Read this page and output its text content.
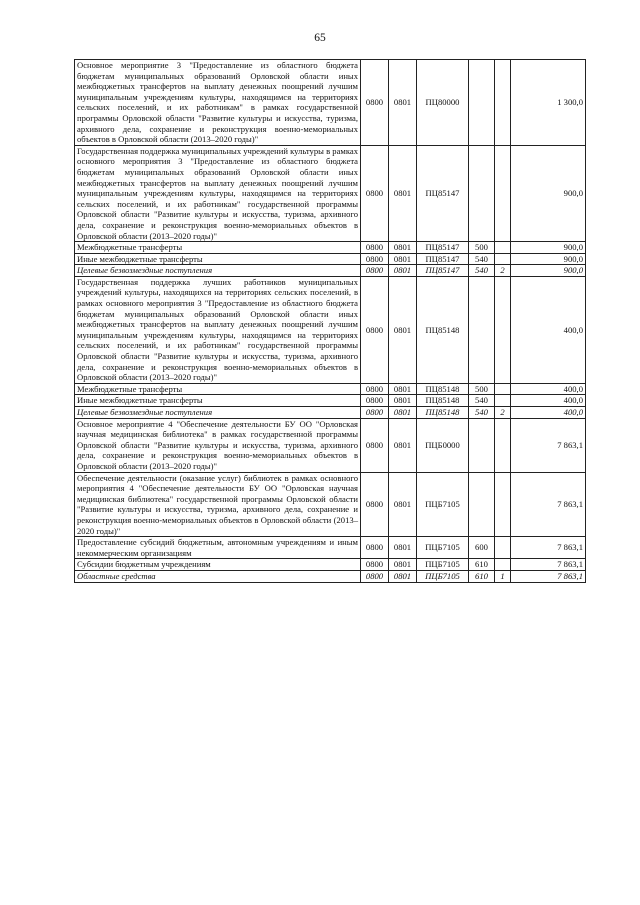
65
Основное мероприятие 3 "Предоставление из областного бюджета бюджетам муниципальных образований Орловской области иных межбюджетных трансфертов на выплату денежных поощрений лучшим муниципальным учреждениям культуры, находящимся на территориях сельских поселений, и их работникам" в рамках государственной программы Орловской области "Развитие культуры и искусства, туризма, архивного дела, сохранение и реконструкция военно-мемориальных объектов в Орловской области (2013–2020 годы)"	0800	0801	ПЦ80000			1 300,0
Государственная поддержка муниципальных учреждений культуры в рамках основного мероприятия 3 "Предоставление из областного бюджета бюджетам муниципальных образований Орловской области иных межбюджетных трансфертов на выплату денежных поощрений лучшим муниципальным учреждениям культуры, находящимся на территориях сельских поселений, и их работникам" государственной программы Орловской области "Развитие культуры и искусства, туризма, архивного дела, сохранение и реконструкция военно-мемориальных объектов в Орловской области (2013–2020 годы)"	0800	0801	ПЦ85147			900,0
Межбюджетные трансферты	0800	0801	ПЦ85147	500		900,0
Иные межбюджетные трансферты	0800	0801	ПЦ85147	540		900,0
Целевые безвозмездные поступления	0800	0801	ПЦ85147	540	2	900,0
Государственная поддержка лучших работников муниципальных учреждений культуры, находящихся на территориях сельских поселений, в рамках основного мероприятия 3 "Предоставление из областного бюджета бюджетам муниципальных образований Орловской области иных межбюджетных трансфертов на выплату денежных поощрений лучшим муниципальным учреждениям культуры, находящимся на территориях сельских поселений, и их работникам" государственной программы Орловской области "Развитие культуры и искусства, туризма, архивного дела, сохранение и реконструкция военно-мемориальных объектов в Орловской области (2013–2020 годы)"	0800	0801	ПЦ85148			400,0
Межбюджетные трансферты	0800	0801	ПЦ85148	500		400,0
Иные межбюджетные трансферты	0800	0801	ПЦ85148	540		400,0
Целевые безвозмездные поступления	0800	0801	ПЦ85148	540	2	400,0
Основное мероприятие 4 "Обеспечение деятельности БУ ОО "Орловская научная медицинская библиотека" в рамках государственной программы Орловской области "Развитие культуры и искусства, туризма, архивного дела, сохранение и реконструкция военно-мемориальных объектов в Орловской области (2013–2020 годы)"	0800	0801	ПЦБ0000			7 863,1
Обеспечение деятельности (оказание услуг) библиотек в рамках основного мероприятия 4 "Обеспечение деятельности БУ ОО "Орловская научная медицинская библиотека" государственной программы Орловской области "Развитие культуры и искусства, туризма, архивного дела, сохранение и реконструкция военно-мемориальных объектов в Орловской области (2013–2020 годы)"	0800	0801	ПЦБ7105			7 863,1
Предоставление субсидий бюджетным, автономным учреждениям и иным некоммерческим организациям	0800	0801	ПЦБ7105	600		7 863,1
Субсидии бюджетным учреждениям	0800	0801	ПЦБ7105	610		7 863,1
Областные средства	0800	0801	ПЦБ7105	610	1	7 863,1
